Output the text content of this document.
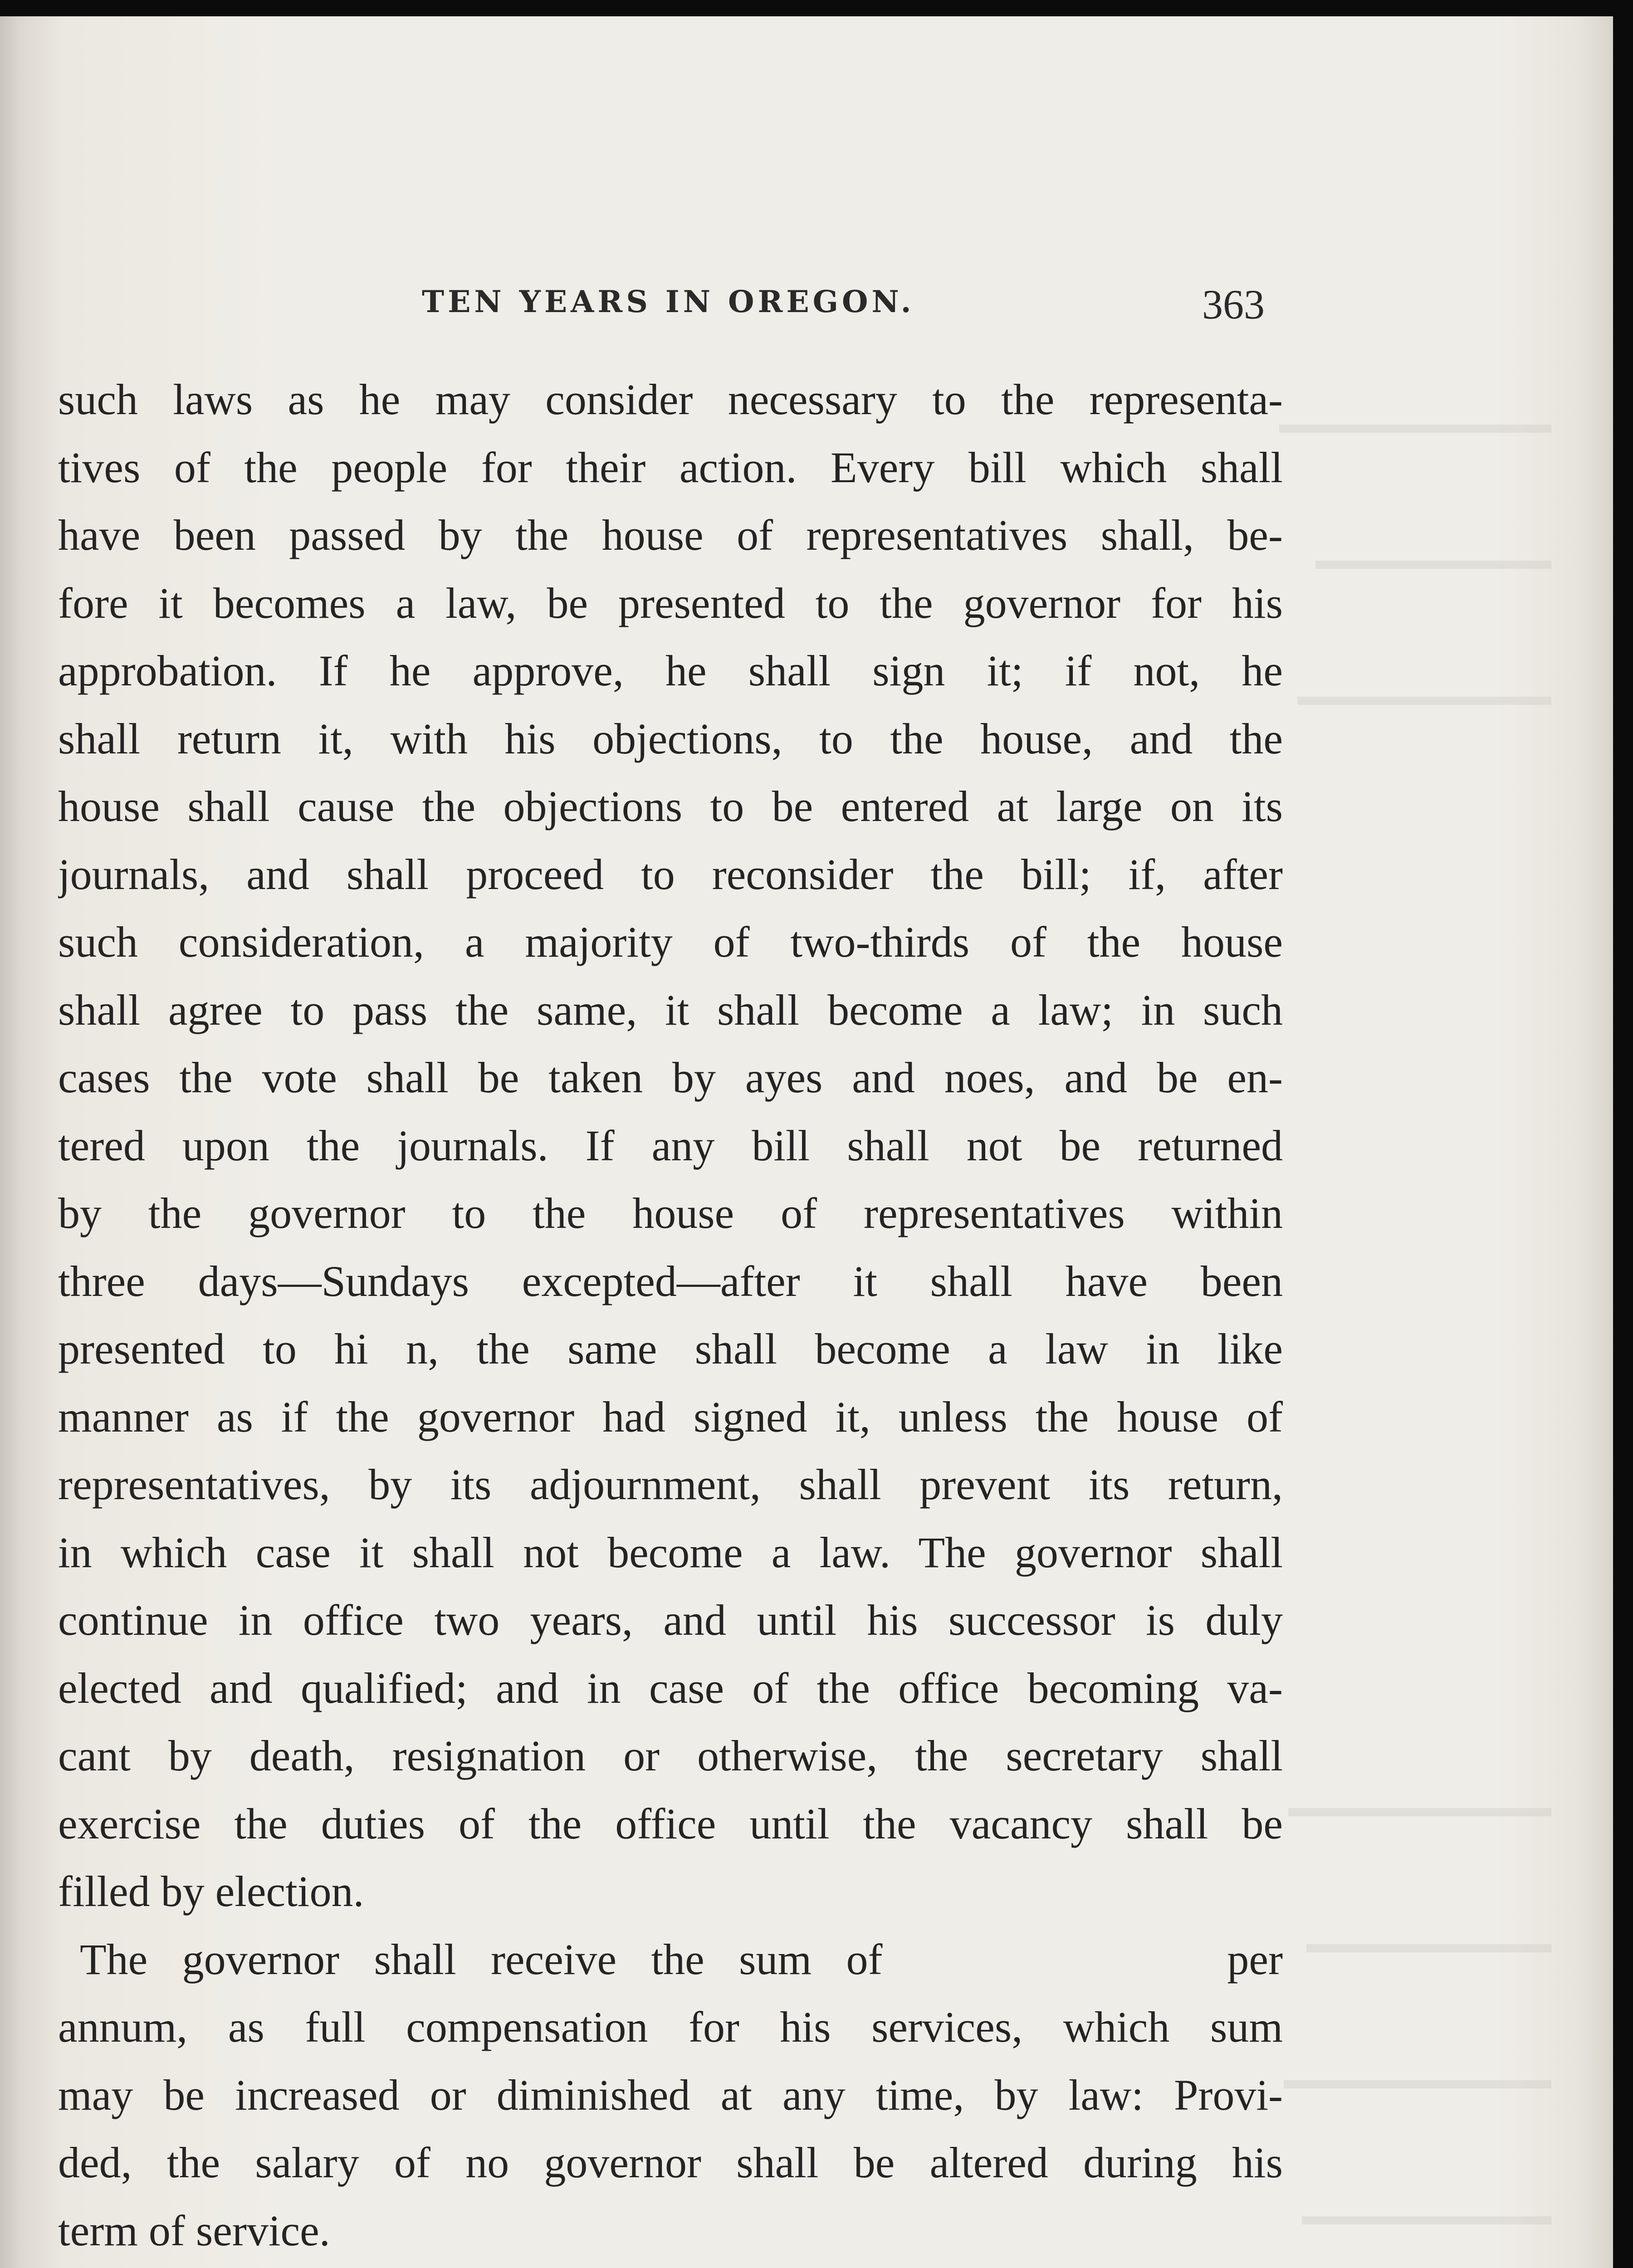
TEN YEARS IN OREGON.	363
such laws as he may consider necessary to the representa-
tives of the people for their action. Every bill which shall
have been passed by the house of representatives shall, be-
fore it becomes a law, be presented to the governor for his
approbation. If he approve, he shall sign it; if not, he
shall return it, with his objections, to the house, and the
house shall cause the objections to be entered at large on its
journals, and shall proceed to reconsider the bill; if, after
such consideration, a majority of two-thirds of the house
shall agree to pass the same, it shall become a law; in such
cases the vote shall be taken by ayes and noes, and be en-
tered upon the journals. If any bill shall not be returned
by the governor to the house of representatives within
three days—Sundays excepted—after it shall have been
presented to hi n, the same shall become a law in like
manner as if the governor had signed it, unless the house of
representatives, by its adjournment, shall prevent its return,
in which case it shall not become a law. The governor shall
continue in office two years, and until his successor is duly
elected and qualified; and in case of the office becoming va-
cant by death, resignation or otherwise, the secretary shall
exercise the duties of the office until the vacancy shall be
filled by election.
The governor shall receive the sum of	per
annum, as full compensation for his services, which sum
may be increased or diminished at any time, by law: Provi-
ded, the salary of no governor shall be altered during his
term of service.
